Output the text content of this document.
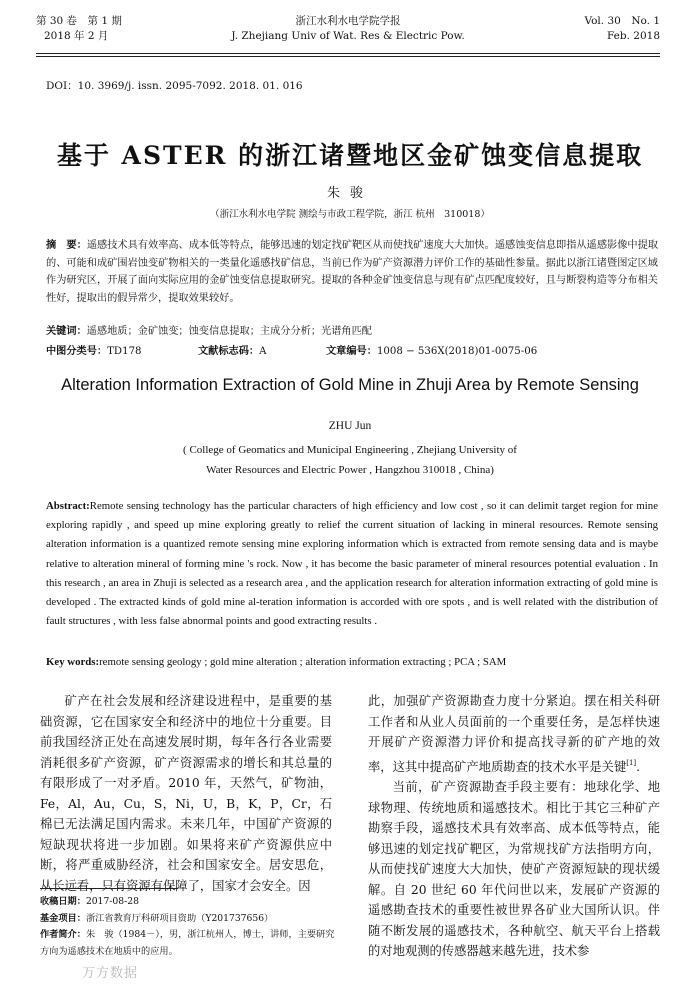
第 30 卷　第 1 期
2018 年 2 月
浙江水利水电学院学报
J. Zhejiang Univ of Wat. Res & Electric Pow.
Vol. 30　No. 1
Feb. 2018
DOI：10. 3969/j. issn. 2095-7092. 2018. 01. 016
基于 ASTER 的浙江诸暨地区金矿蚀变信息提取
朱骏
（浙江水利水电学院 测绘与市政工程学院，浙江 杭州　310018）
摘　要：遥感技术具有效率高、成本低等特点，能够迅速的划定找矿靶区从而使找矿速度大大加快。遥感蚀变信息即指从遥感影像中提取的、可能和成矿围岩蚀变矿物相关的一类量化遥感找矿信息，当前已作为矿产资源潜力评价工作的基础性参量。据此以浙江诸暨图定区域作为研究区，开展了面向实际应用的金矿蚀变信息提取研究。提取的各种金矿蚀变信息与现有矿点匹配度较好，且与断裂构造等分布相关性好，提取出的假异常少，提取效果较好。
关键词：遥感地质；金矿蚀变；蚀变信息提取；主成分分析；光谱角匹配
中图分类号：TD178	文献标志码：A	文章编号：1008 − 536X(2018)01-0075-06
Alteration Information Extraction of Gold Mine in Zhuji Area by Remote Sensing
ZHU Jun
( College of Geomatics and Municipal Engineering , Zhejiang University of
Water Resources and Electric Power , Hangzhou 310018 , China)
Abstract:Remote sensing technology has the particular characters of high efficiency and low cost , so it can delimit target region for mine exploring rapidly , and speed up mine exploring greatly to relief the current situation of lacking in mineral resources. Remote sensing alteration information is a quantized remote sensing mine exploring information which is extracted from remote sensing data and is maybe relative to alteration mineral of forming mine 's rock. Now , it has become the basic parameter of mineral resources potential evaluation . In this research , an area in Zhuji is selected as a research area , and the application research for alteration information extracting of gold mine is developed . The extracted kinds of gold mine al-teration information is accorded with ore spots , and is well related with the distribution of fault structures , with less false abnormal points and good extracting results .
Key words:remote sensing geology ; gold mine alteration ; alteration information extracting ; PCA ; SAM

矿产在社会发展和经济建设进程中，是重要的基础资源，它在国家安全和经济中的地位十分重要。目前我国经济正处在高速发展时期，每年各行各业需要消耗很多矿产资源，矿产资源需求的增长和其总量的有限形成了一对矛盾。2010 年，天然气，矿物油，Fe，Al，Au，Cu，S，Ni，U，B，K，P，Cr，石棉已无法满足国内需求。未来几年，中国矿产资源的短缺现状将进一步加剧。如果将来矿产资源供应中断，将严重威胁经济，社会和国家安全。居安思危，从长远看，只有资源有保障了，国家才会安全。因

此，加强矿产资源勘查力度十分紧迫。摆在相关科研工作者和从业人员面前的一个重要任务，是怎样快速开展矿产资源潜力评价和提高找寻新的矿产地的效率，这其中提高矿产地质勘查的技术水平是关键[1].

当前，矿产资源勘查手段主要有：地球化学、地球物理、传统地质和遥感技术。相比于其它三种矿产勘察手段，遥感技术具有效率高、成本低等特点，能够迅速的划定找矿靶区，为常规找矿方法指明方向，从而使找矿速度大大加快，使矿产资源短缺的现状缓解。自 20 世纪 60 年代问世以来，发展矿产资源的遥感勘查技术的重要性被世界各矿业大国所认识。伴随不断发展的遥感技术，各种航空、航天平台上搭载的对地观测的传感器越来越先进，技术参

收稿日期：2017-08-28
基金项目：浙江省教育厅科研项目资助（Y201737656）
作者简介：朱　骏（1984－），男，浙江杭州人，博士，讲师，主要研究方向为遥感技术在地质中的应用。
万方数据
